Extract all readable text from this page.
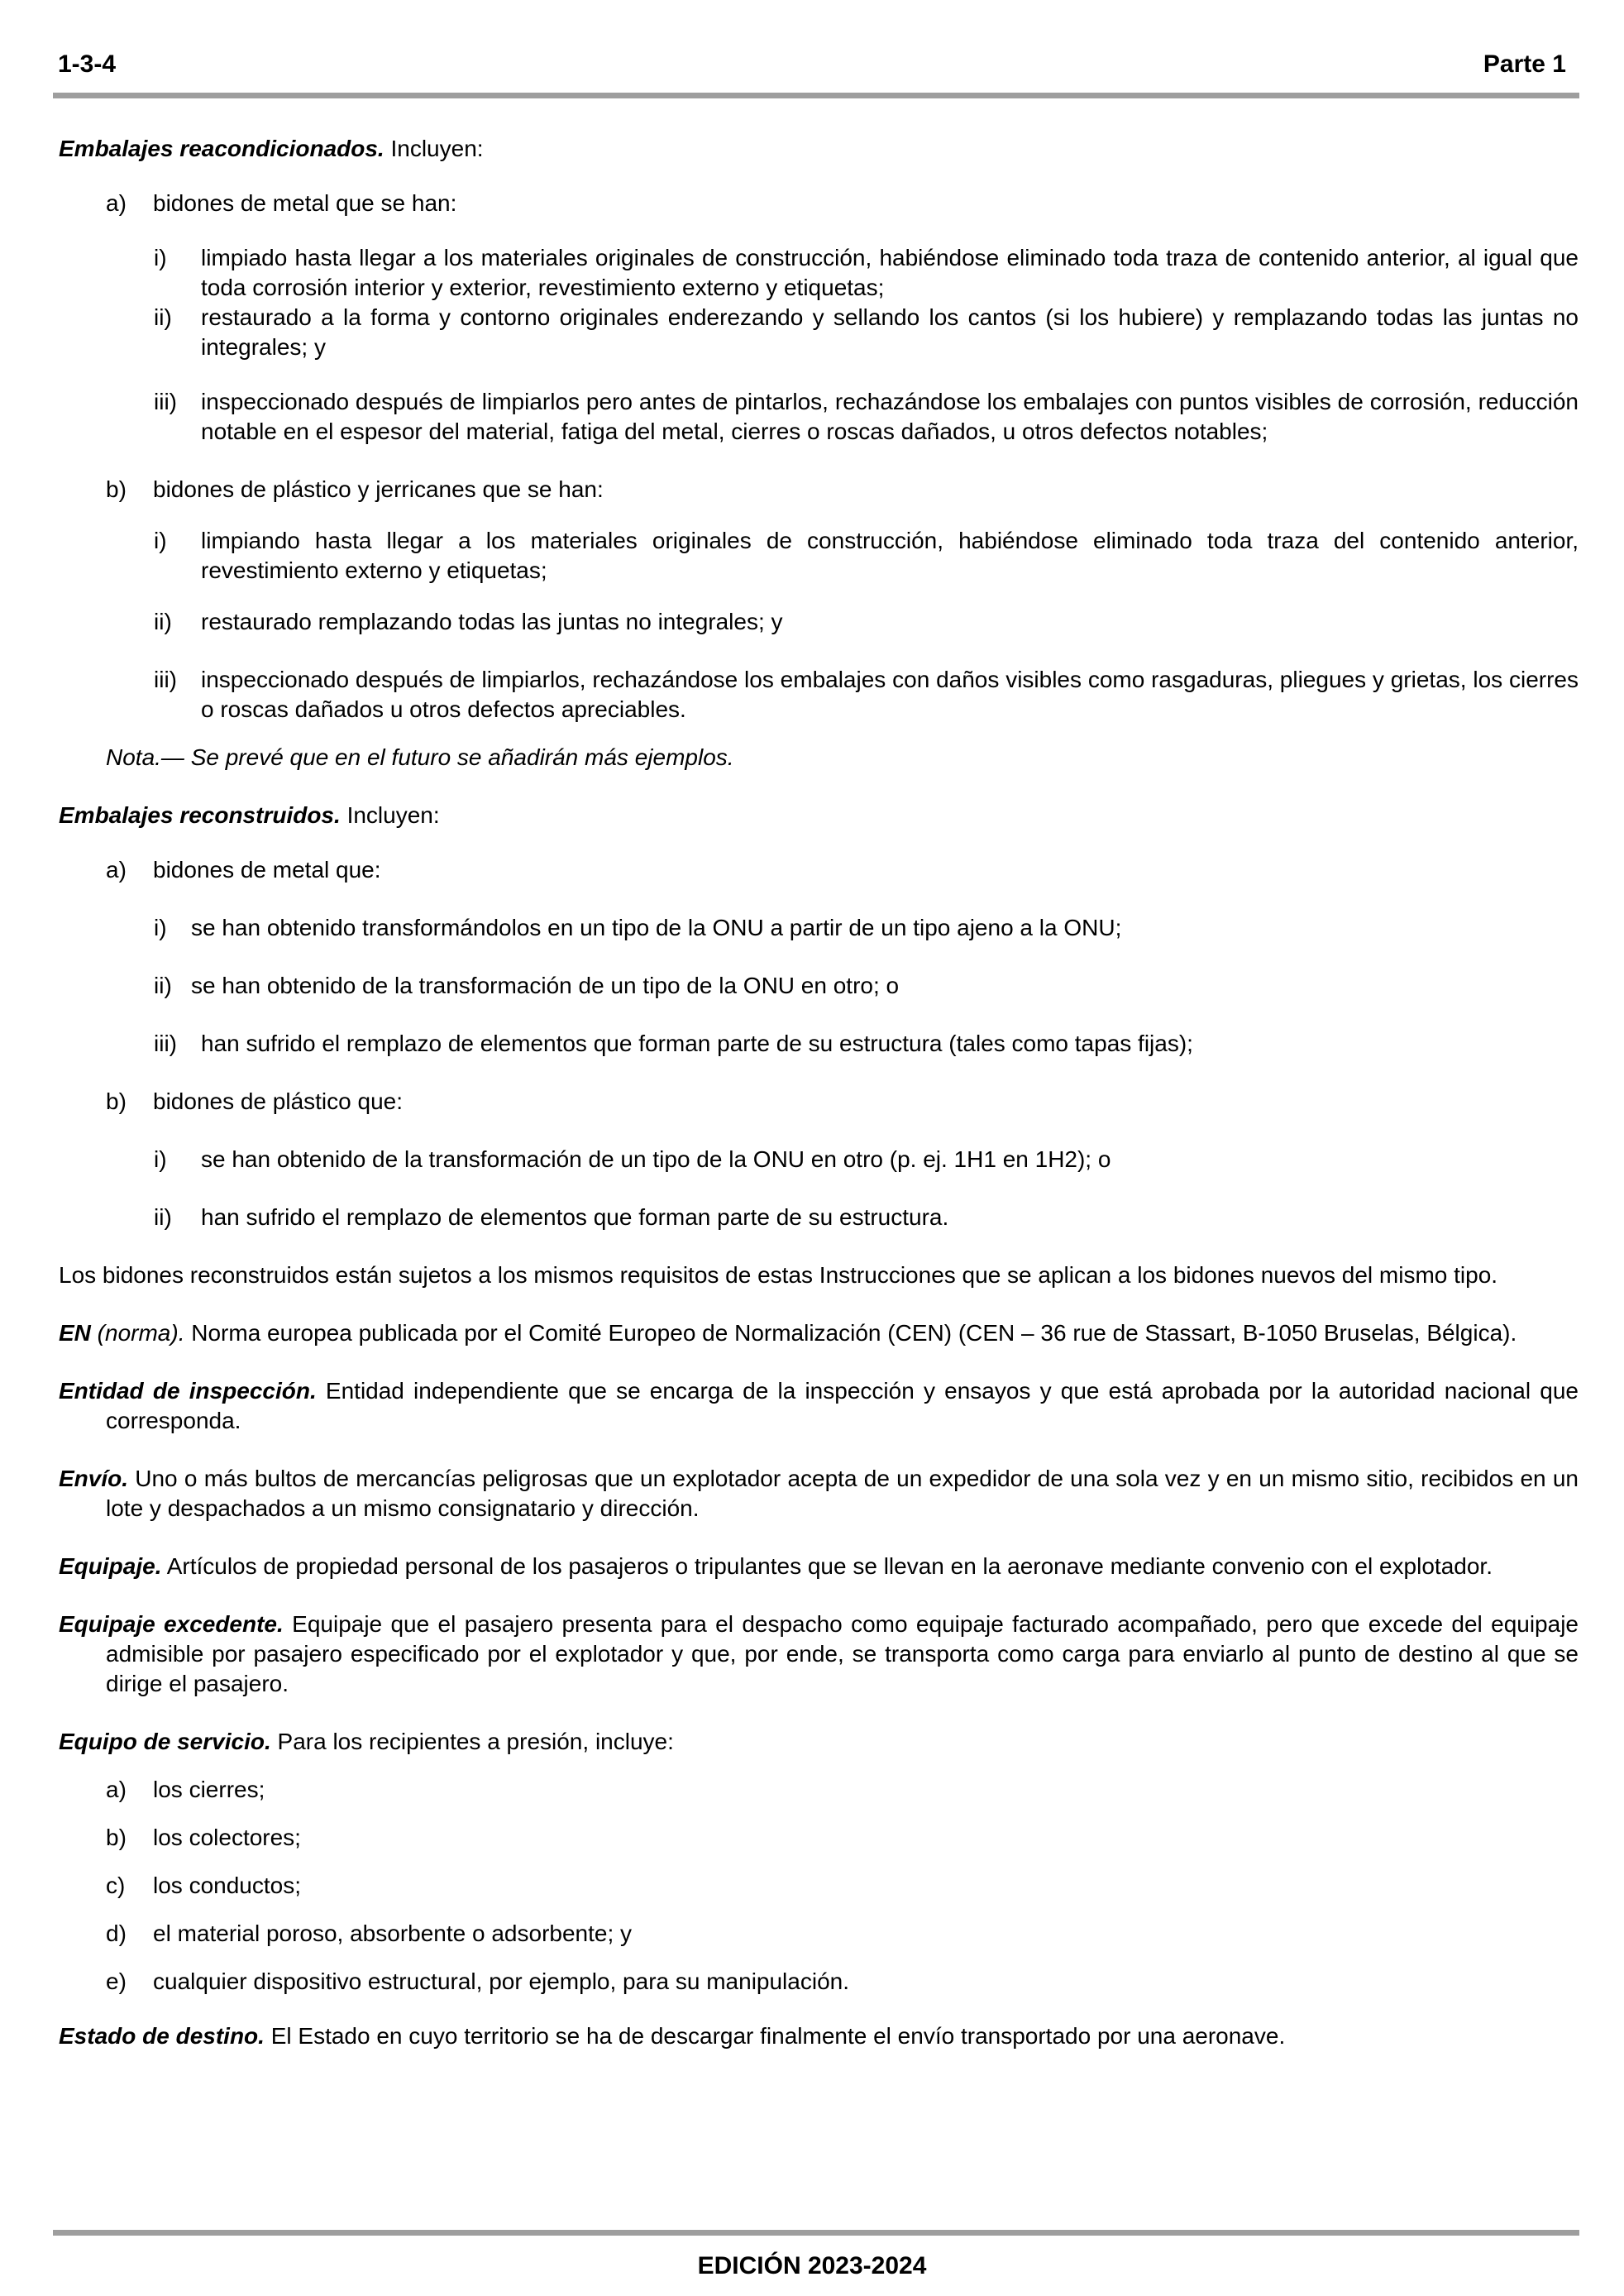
1-3-4	Parte 1

Embalajes reacondicionados. Incluyen:

a) bidones de metal que se han:
i) limpiado hasta llegar a los materiales originales de construcción, habiéndose eliminado toda traza de contenido anterior, al igual que toda corrosión interior y exterior, revestimiento externo y etiquetas;
ii) restaurado a la forma y contorno originales enderezando y sellando los cantos (si los hubiere) y remplazando todas las juntas no integrales; y
iii) inspeccionado después de limpiarlos pero antes de pintarlos, rechazándose los embalajes con puntos visibles de corrosión, reducción notable en el espesor del material, fatiga del metal, cierres o roscas dañados, u otros defectos notables;
b) bidones de plástico y jerricanes que se han:
i) limpiando hasta llegar a los materiales originales de construcción, habiéndose eliminado toda traza del contenido anterior, revestimiento externo y etiquetas;
ii) restaurado remplazando todas las juntas no integrales; y
iii) inspeccionado después de limpiarlos, rechazándose los embalajes con daños visibles como rasgaduras, pliegues y grietas, los cierres o roscas dañados u otros defectos apreciables.

Nota.— Se prevé que en el futuro se añadirán más ejemplos.

Embalajes reconstruidos. Incluyen:

a) bidones de metal que:
i) se han obtenido transformándolos en un tipo de la ONU a partir de un tipo ajeno a la ONU;
ii) se han obtenido de la transformación de un tipo de la ONU en otro; o
iii) han sufrido el remplazo de elementos que forman parte de su estructura (tales como tapas fijas);
b) bidones de plástico que:
i) se han obtenido de la transformación de un tipo de la ONU en otro (p. ej. 1H1 en 1H2); o
ii) han sufrido el remplazo de elementos que forman parte de su estructura.

Los bidones reconstruidos están sujetos a los mismos requisitos de estas Instrucciones que se aplican a los bidones nuevos del mismo tipo.

EN (norma). Norma europea publicada por el Comité Europeo de Normalización (CEN) (CEN – 36 rue de Stassart, B-1050 Bruselas, Bélgica).

Entidad de inspección. Entidad independiente que se encarga de la inspección y ensayos y que está aprobada por la autoridad nacional que corresponda.

Envío. Uno o más bultos de mercancías peligrosas que un explotador acepta de un expedidor de una sola vez y en un mismo sitio, recibidos en un lote y despachados a un mismo consignatario y dirección.

Equipaje. Artículos de propiedad personal de los pasajeros o tripulantes que se llevan en la aeronave mediante convenio con el explotador.

Equipaje excedente. Equipaje que el pasajero presenta para el despacho como equipaje facturado acompañado, pero que excede del equipaje admisible por pasajero especificado por el explotador y que, por ende, se transporta como carga para enviarlo al punto de destino al que se dirige el pasajero.

Equipo de servicio. Para los recipientes a presión, incluye:

a) los cierres;
b) los colectores;
c) los conductos;
d) el material poroso, absorbente o adsorbente; y
e) cualquier dispositivo estructural, por ejemplo, para su manipulación.

Estado de destino. El Estado en cuyo territorio se ha de descargar finalmente el envío transportado por una aeronave.

EDICIÓN 2023-2024
